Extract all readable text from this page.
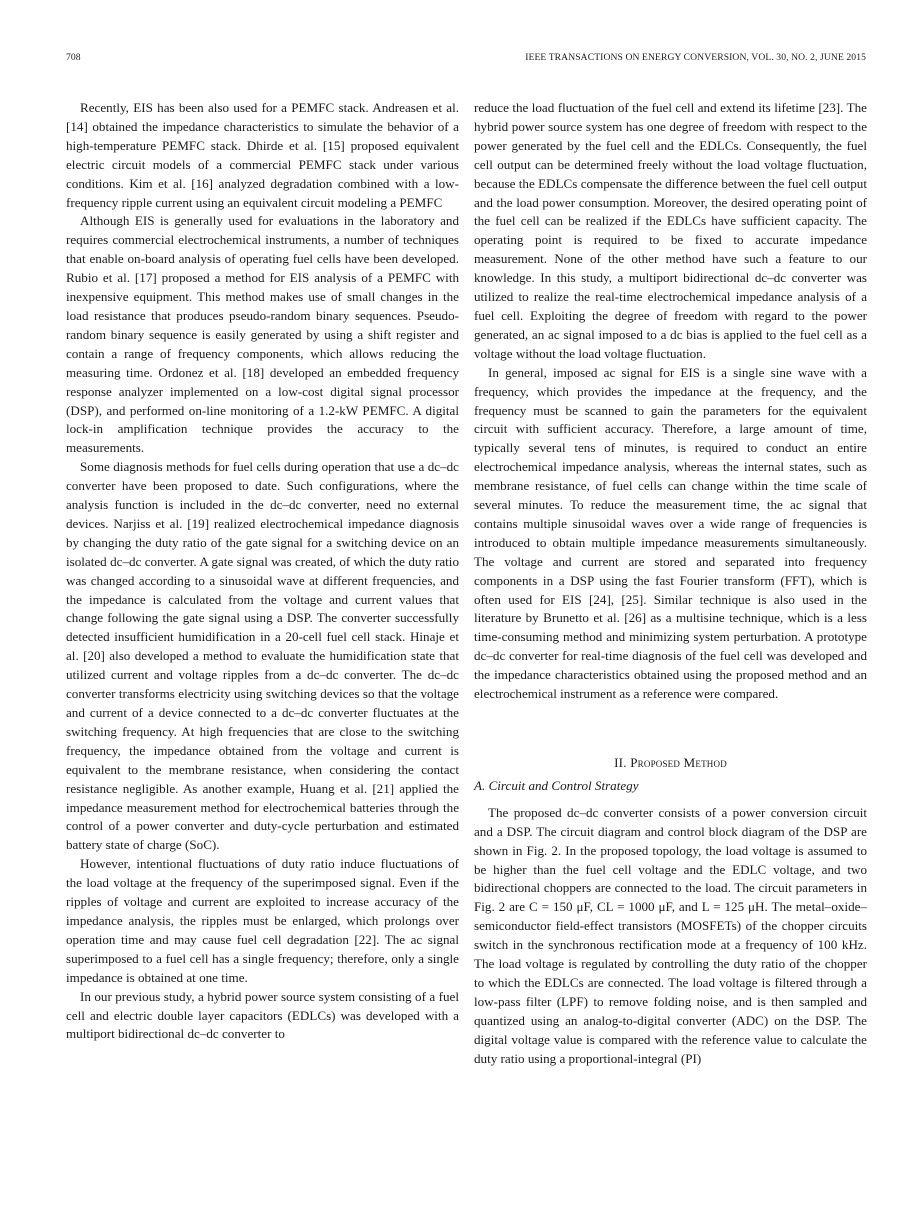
708	IEEE TRANSACTIONS ON ENERGY CONVERSION, VOL. 30, NO. 2, JUNE 2015

Recently, EIS has been also used for a PEMFC stack. Andreasen et al. [14] obtained the impedance characteristics to simulate the behavior of a high-temperature PEMFC stack. Dhirde et al. [15] proposed equivalent electric circuit models of a commercial PEMFC stack under various conditions. Kim et al. [16] analyzed degradation combined with a low-frequency ripple current using an equivalent circuit modeling a PEMFC

Although EIS is generally used for evaluations in the laboratory and requires commercial electrochemical instruments, a number of techniques that enable on-board analysis of operating fuel cells have been developed. Rubio et al. [17] proposed a method for EIS analysis of a PEMFC with inexpensive equipment. This method makes use of small changes in the load resistance that produces pseudo-random binary sequences. Pseudo-random binary sequence is easily generated by using a shift register and contain a range of frequency components, which allows reducing the measuring time. Ordonez et al. [18] developed an embedded frequency response analyzer implemented on a low-cost digital signal processor (DSP), and performed on-line monitoring of a 1.2-kW PEMFC. A digital lock-in amplification technique provides the accuracy to the measurements.

Some diagnosis methods for fuel cells during operation that use a dc–dc converter have been proposed to date. Such configurations, where the analysis function is included in the dc–dc converter, need no external devices. Narjiss et al. [19] realized electrochemical impedance diagnosis by changing the duty ratio of the gate signal for a switching device on an isolated dc–dc converter. A gate signal was created, of which the duty ratio was changed according to a sinusoidal wave at different frequencies, and the impedance is calculated from the voltage and current values that change following the gate signal using a DSP. The converter successfully detected insufficient humidification in a 20-cell fuel cell stack. Hinaje et al. [20] also developed a method to evaluate the humidification state that utilized current and voltage ripples from a dc–dc converter. The dc–dc converter transforms electricity using switching devices so that the voltage and current of a device connected to a dc–dc converter fluctuates at the switching frequency. At high frequencies that are close to the switching frequency, the impedance obtained from the voltage and current is equivalent to the membrane resistance, when considering the contact resistance negligible. As another example, Huang et al. [21] applied the impedance measurement method for electrochemical batteries through the control of a power converter and duty-cycle perturbation and estimated battery state of charge (SoC).

However, intentional fluctuations of duty ratio induce fluctuations of the load voltage at the frequency of the superimposed signal. Even if the ripples of voltage and current are exploited to increase accuracy of the impedance analysis, the ripples must be enlarged, which prolongs over operation time and may cause fuel cell degradation [22]. The ac signal superimposed to a fuel cell has a single frequency; therefore, only a single impedance is obtained at one time.

In our previous study, a hybrid power source system consisting of a fuel cell and electric double layer capacitors (EDLCs) was developed with a multiport bidirectional dc–dc converter to

reduce the load fluctuation of the fuel cell and extend its lifetime [23]. The hybrid power source system has one degree of freedom with respect to the power generated by the fuel cell and the EDLCs. Consequently, the fuel cell output can be determined freely without the load voltage fluctuation, because the EDLCs compensate the difference between the fuel cell output and the load power consumption. Moreover, the desired operating point of the fuel cell can be realized if the EDLCs have sufficient capacity. The operating point is required to be fixed to accurate impedance measurement. None of the other method have such a feature to our knowledge. In this study, a multiport bidirectional dc–dc converter was utilized to realize the real-time electrochemical impedance analysis of a fuel cell. Exploiting the degree of freedom with regard to the power generated, an ac signal imposed to a dc bias is applied to the fuel cell as a voltage without the load voltage fluctuation.

In general, imposed ac signal for EIS is a single sine wave with a frequency, which provides the impedance at the frequency, and the frequency must be scanned to gain the parameters for the equivalent circuit with sufficient accuracy. Therefore, a large amount of time, typically several tens of minutes, is required to conduct an entire electrochemical impedance analysis, whereas the internal states, such as membrane resistance, of fuel cells can change within the time scale of several minutes. To reduce the measurement time, the ac signal that contains multiple sinusoidal waves over a wide range of frequencies is introduced to obtain multiple impedance measurements simultaneously. The voltage and current are stored and separated into frequency components in a DSP using the fast Fourier transform (FFT), which is often used for EIS [24], [25]. Similar technique is also used in the literature by Brunetto et al. [26] as a multisine technique, which is a less time-consuming method and minimizing system perturbation. A prototype dc–dc converter for real-time diagnosis of the fuel cell was developed and the impedance characteristics obtained using the proposed method and an electrochemical instrument as a reference were compared.

II. Proposed Method
A. Circuit and Control Strategy

The proposed dc–dc converter consists of a power conversion circuit and a DSP. The circuit diagram and control block diagram of the DSP are shown in Fig. 2. In the proposed topology, the load voltage is assumed to be higher than the fuel cell voltage and the EDLC voltage, and two bidirectional choppers are connected to the load. The circuit parameters in Fig. 2 are C = 150 μF, CL = 1000 μF, and L = 125 μH. The metal–oxide–semiconductor field-effect transistors (MOSFETs) of the chopper circuits switch in the synchronous rectification mode at a frequency of 100 kHz. The load voltage is regulated by controlling the duty ratio of the chopper to which the EDLCs are connected. The load voltage is filtered through a low-pass filter (LPF) to remove folding noise, and is then sampled and quantized using an analog-to-digital converter (ADC) on the DSP. The digital voltage value is compared with the reference value to calculate the duty ratio using a proportional-integral (PI)
